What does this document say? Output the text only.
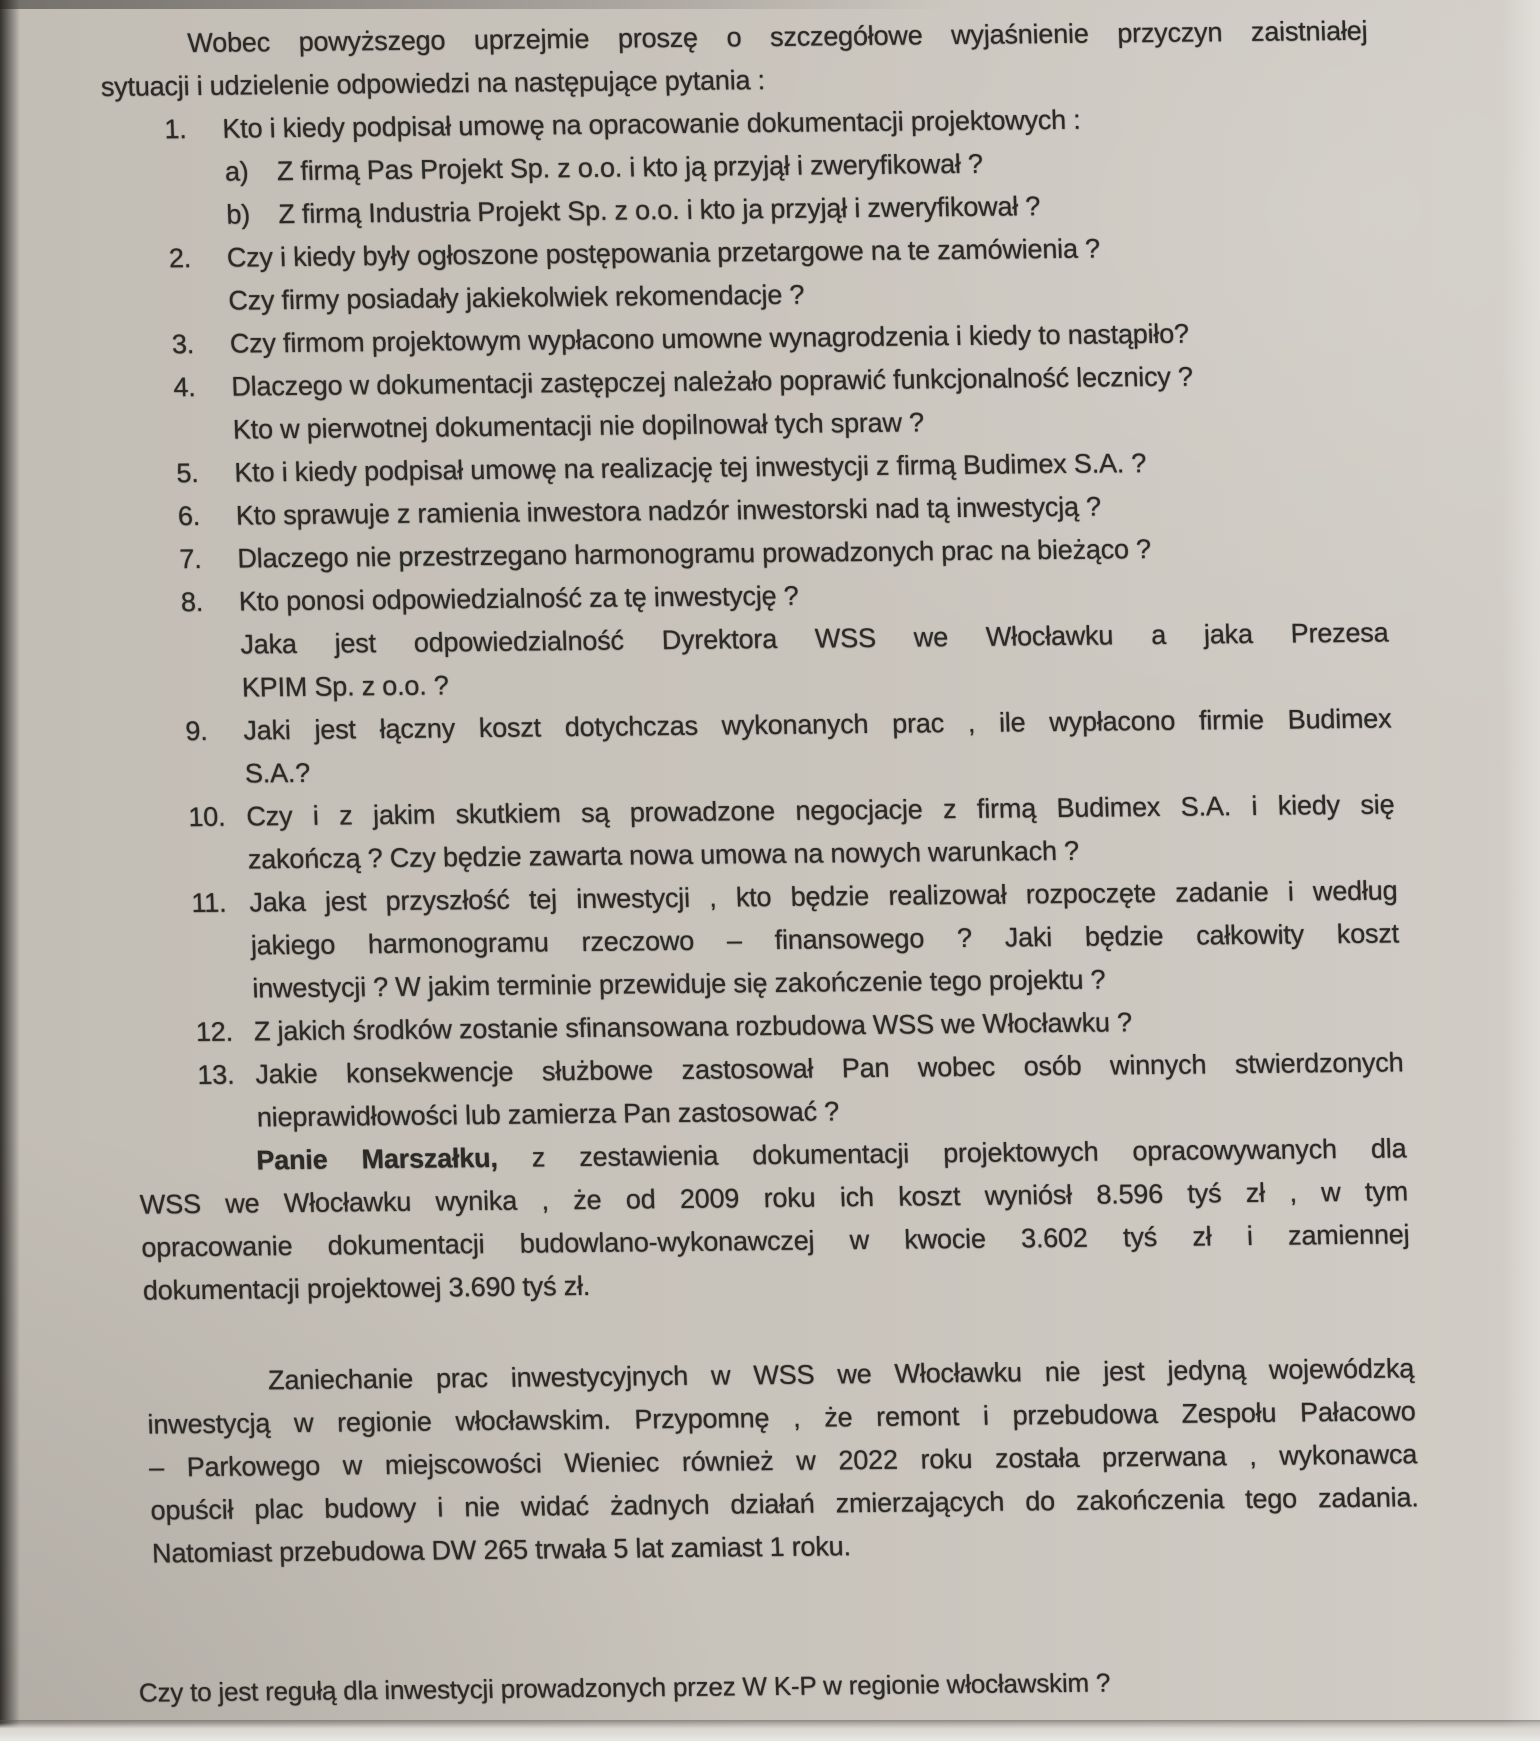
Wobec powyższego uprzejmie proszę o szczegółowe wyjaśnienie przyczyn zaistniałej
sytuacji i udzielenie odpowiedzi na następujące pytania :
1. Kto i kiedy podpisał umowę na opracowanie dokumentacji projektowych :
a) Z firmą Pas Projekt Sp. z o.o. i kto ją przyjął i zweryfikował ?
b) Z firmą Industria Projekt Sp. z o.o. i kto ja przyjął i zweryfikował ?
2. Czy i kiedy były ogłoszone postępowania przetargowe na te zamówienia ?
Czy firmy posiadały jakiekolwiek rekomendacje ?
3. Czy firmom projektowym wypłacono umowne wynagrodzenia i kiedy to nastąpiło?
4. Dlaczego w dokumentacji zastępczej należało poprawić funkcjonalność lecznicy ?
Kto w pierwotnej dokumentacji nie dopilnował tych spraw ?
5. Kto i kiedy podpisał umowę na realizację tej inwestycji z firmą Budimex S.A. ?
6. Kto sprawuje z ramienia inwestora nadzór inwestorski nad tą inwestycją ?
7. Dlaczego nie przestrzegano harmonogramu prowadzonych prac na bieżąco ?
8. Kto ponosi odpowiedzialność za tę inwestycję ?
Jaka jest odpowiedzialność Dyrektora WSS we Włocławku a jaka Prezesa
KPIM Sp. z o.o. ?
9. Jaki jest łączny koszt dotychczas wykonanych prac , ile wypłacono firmie Budimex
S.A.?
10. Czy i z jakim skutkiem są prowadzone negocjacje z firmą Budimex S.A. i kiedy się
zakończą ? Czy będzie zawarta nowa umowa na nowych warunkach ?
11. Jaka jest przyszłość tej inwestycji , kto będzie realizował rozpoczęte zadanie i według
jakiego harmonogramu rzeczowo – finansowego ? Jaki będzie całkowity koszt
inwestycji ? W jakim terminie przewiduje się zakończenie tego projektu ?
12. Z jakich środków zostanie sfinansowana rozbudowa WSS we Włocławku ?
13. Jakie konsekwencje służbowe zastosował Pan wobec osób winnych stwierdzonych
nieprawidłowości lub zamierza Pan zastosować ?
Panie Marszałku, z zestawienia dokumentacji projektowych opracowywanych dla
WSS we Włocławku wynika , że od 2009 roku ich koszt wyniósł 8.596 tyś zł , w tym
opracowanie dokumentacji budowlano-wykonawczej w kwocie 3.602 tyś zł i zamiennej
dokumentacji projektowej 3.690 tyś zł.
Zaniechanie prac inwestycyjnych w WSS we Włocławku nie jest jedyną wojewódzką
inwestycją w regionie włocławskim. Przypomnę , że remont i przebudowa Zespołu Pałacowo
– Parkowego w miejscowości Wieniec również w 2022 roku została przerwana , wykonawca
opuścił plac budowy i nie widać żadnych działań zmierzających do zakończenia tego zadania.
Natomiast przebudowa DW 265 trwała 5 lat zamiast 1 roku.
Czy to jest regułą dla inwestycji prowadzonych przez W K-P w regionie włocławskim ?
